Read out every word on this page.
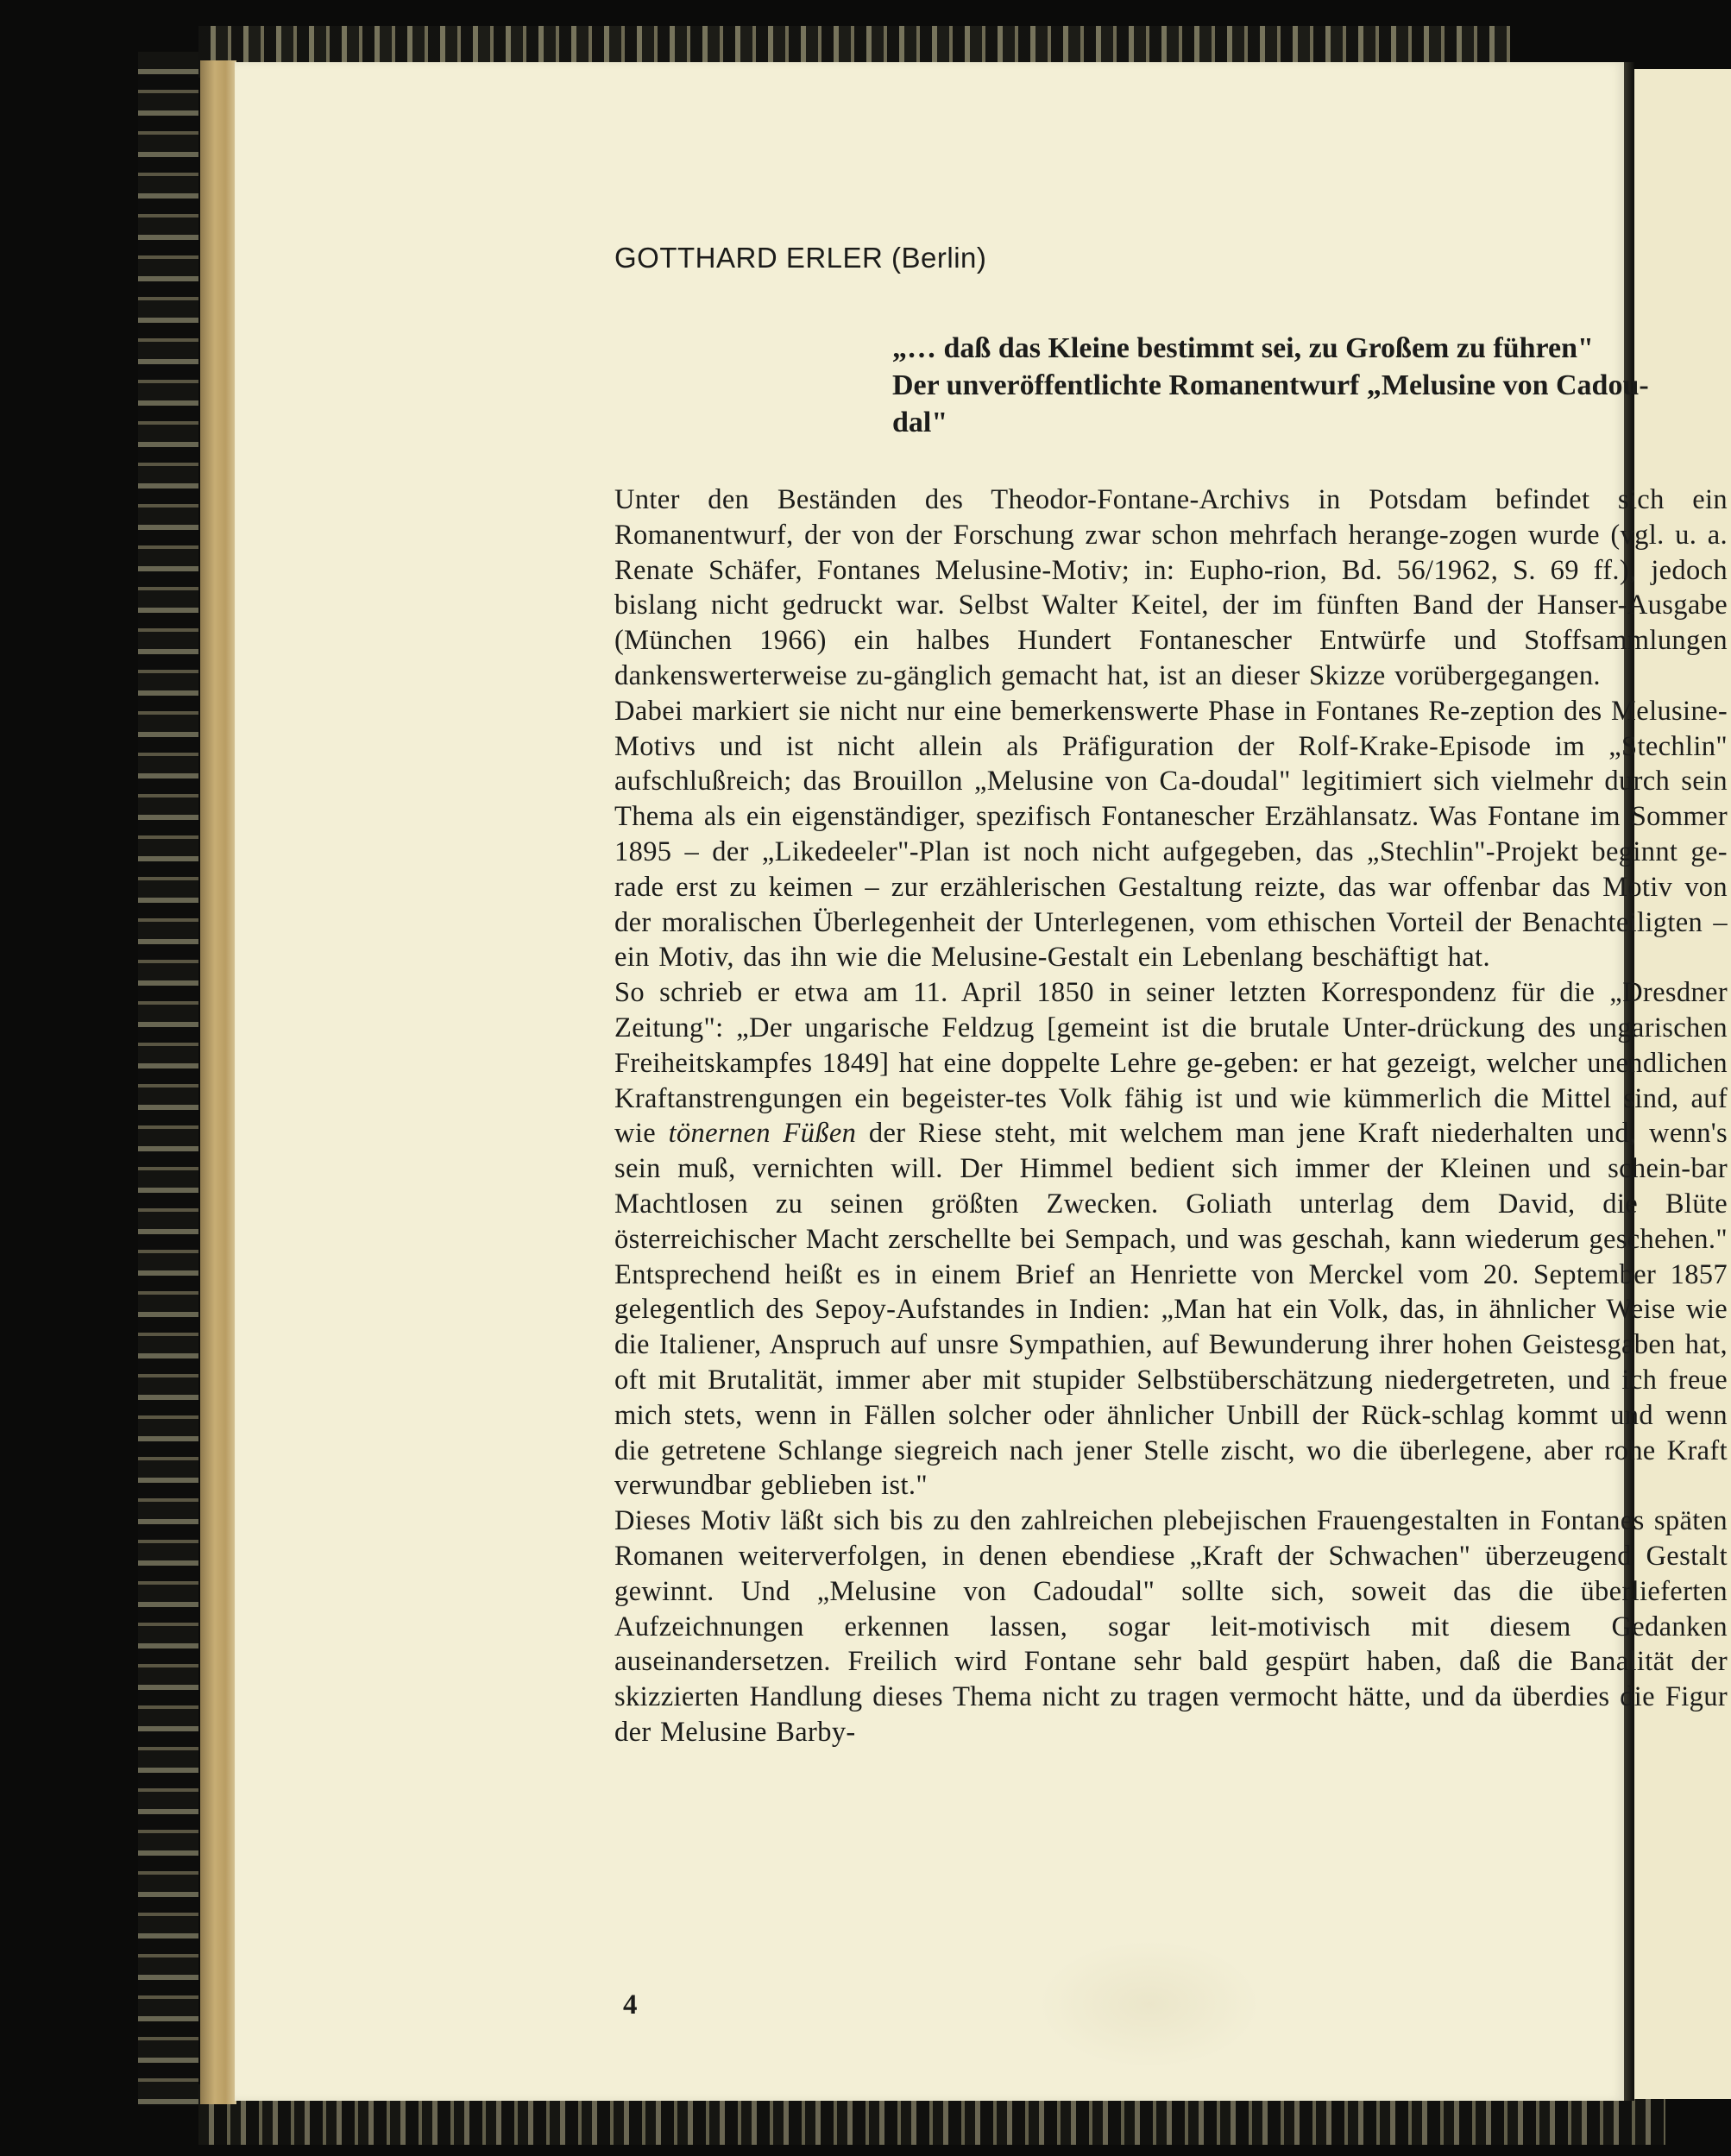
GOTTHARD ERLER (Berlin)
„… daß das Kleine bestimmt sei, zu Großem zu führen"
Der unveröffentlichte Romanentwurf „Melusine von Cadou-
dal"

Unter den Beständen des Theodor-Fontane-Archivs in Potsdam befindet sich ein Romanentwurf, der von der Forschung zwar schon mehrfach herange-zogen wurde (vgl. u. a. Renate Schäfer, Fontanes Melusine-Motiv; in: Eupho-rion, Bd. 56/1962, S. 69 ff.), jedoch bislang nicht gedruckt war. Selbst Walter Keitel, der im fünften Band der Hanser-Ausgabe (München 1966) ein halbes Hundert Fontanescher Entwürfe und Stoffsammlungen dankenswerterweise zu-gänglich gemacht hat, ist an dieser Skizze vorübergegangen.

Dabei markiert sie nicht nur eine bemerkenswerte Phase in Fontanes Re-zeption des Melusine-Motivs und ist nicht allein als Präfiguration der Rolf-Krake-Episode im „Stechlin" aufschlußreich; das Brouillon „Melusine von Ca-doudal" legitimiert sich vielmehr durch sein Thema als ein eigenständiger, spezifisch Fontanescher Erzählansatz. Was Fontane im Sommer 1895 – der „Likedeeler"-Plan ist noch nicht aufgegeben, das „Stechlin"-Projekt beginnt ge-rade erst zu keimen – zur erzählerischen Gestaltung reizte, das war offenbar das Motiv von der moralischen Überlegenheit der Unterlegenen, vom ethischen Vorteil der Benachteiligten – ein Motiv, das ihn wie die Melusine-Gestalt ein Lebenlang beschäftigt hat.

So schrieb er etwa am 11. April 1850 in seiner letzten Korrespondenz für die „Dresdner Zeitung": „Der ungarische Feldzug [gemeint ist die brutale Unter-drückung des ungarischen Freiheitskampfes 1849] hat eine doppelte Lehre ge-geben: er hat gezeigt, welcher unendlichen Kraftanstrengungen ein begeister-tes Volk fähig ist und wie kümmerlich die Mittel sind, auf wie tönernen Füßen der Riese steht, mit welchem man jene Kraft niederhalten und, wenn's sein muß, vernichten will. Der Himmel bedient sich immer der Kleinen und schein-bar Machtlosen zu seinen größten Zwecken. Goliath unterlag dem David, die Blüte österreichischer Macht zerschellte bei Sempach, und was geschah, kann wiederum geschehen." Entsprechend heißt es in einem Brief an Henriette von Merckel vom 20. September 1857 gelegentlich des Sepoy-Aufstandes in Indien: „Man hat ein Volk, das, in ähnlicher Weise wie die Italiener, Anspruch auf unsre Sympathien, auf Bewunderung ihrer hohen Geistesgaben hat, oft mit Brutalität, immer aber mit stupider Selbstüberschätzung niedergetreten, und ich freue mich stets, wenn in Fällen solcher oder ähnlicher Unbill der Rück-schlag kommt und wenn die getretene Schlange siegreich nach jener Stelle zischt, wo die überlegene, aber rohe Kraft verwundbar geblieben ist."

Dieses Motiv läßt sich bis zu den zahlreichen plebejischen Frauengestalten in Fontanes späten Romanen weiterverfolgen, in denen ebendiese „Kraft der Schwachen" überzeugend Gestalt gewinnt. Und „Melusine von Cadoudal" sollte sich, soweit das die überlieferten Aufzeichnungen erkennen lassen, sogar leit-motivisch mit diesem Gedanken auseinandersetzen. Freilich wird Fontane sehr bald gespürt haben, daß die Banalität der skizzierten Handlung dieses Thema nicht zu tragen vermocht hätte, und da überdies die Figur der Melusine Barby-

4
